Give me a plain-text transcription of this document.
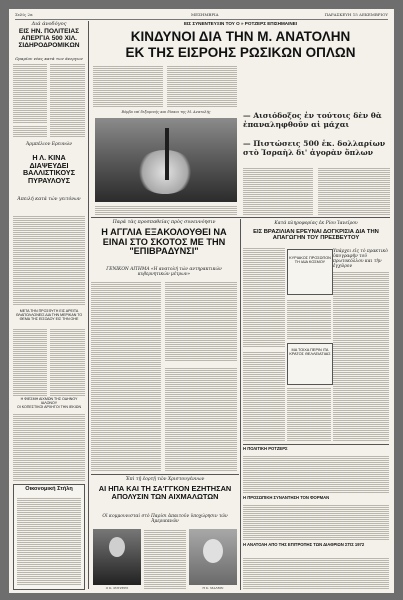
Σελίς 2α	ΜΕΣΗΜΒΡΙΑ	ΠΑΡΑΣΚΕΥΗ 15 ΔΕΚΕΜΒΡΙΟΥ
Διά άνοδόγος
ΕΙΣ ΗΝ. ΠΟΛΙΤΕΙΑΣ ΑΠΕΡΓΙΑ 500 ΧΙΛ. ΣΙΔΗΡΟΔΡΟΜΙΚΩΝ
Ωραρίου νέας κατά των άνεργων
Άρμπέλιον Ερευνών
Η Λ. ΚΙΝΑ ΔΙΑΨΕΥΔΕΙ ΒΑΛΛΙΣΤΙΚΟΥΣ ΠΥΡΑΥΛΟΥΣ
Άπειλή κατά τών γειτόνων
ΜΕΤΑ ΤΗΝ ΠΡΟΣΦΥΓΗ ΕΙΣ ΑΡΕΙΤΑ ΘΛΑΠΟΛΛΟΝΕΙΣ ΔΙΑ ΤΗΝ ΜΕΡΙΚΑΝ ΤΟ ΘΕΜΑ ΤΗΣ ΕΙΣΟΔΟΥ ΕΙΣ ΤΗΝ ΟΗΕ
Η ΦΙΕΣΜΗ ΑΙΧΜΩΝ ΤΗΣ ΟΔΗΝΟΥ ΙΑΛΟΝΟΥ
ΟΙ ΚΟΠΕΣΤΙΚΟΙ ΑΡΧΗΓΟΙ ΤΗΝ ΙΕΚΙΩΝ
Οικονομική Στήλη
ΕΙΣ ΣΥΝΕΝΤΕΥΞΙΝ ΤΟΥ Ο » ΡΟΤΖΕΡΣ ΕΠΙΣΗΜΑΙΝΕΙ
ΚΙΝΔΥΝΟΙ ΔΙΑ ΤΗΝ Μ. ΑΝΑΤΟΛΗΝ
ΕΚ ΤΗΣ ΕΙΣΡΟΗΣ ΡΩΣΙΚΩΝ ΟΠΛΩΝ
Βόμβα επί δεξαμενής και δίσκοι της Μ. Ανατολής	— Αισιόδοξος ἐν τούτοις δὲν θὰ ἐπαναληφθοῦν αἱ μάχαι
— Πιστώσεις 500 ἑκ. δολλαρίων στὸ Ἰσραὴλ δι' ἀγορὰν ὅπλων
Παρά τὰς προσπαθείας πρὸς συνεννόησιν
Η ΑΓΓΛΙΑ ΕΞΑΚΟΛΟΥΘΕΙ ΝΑ ΕΙΝΑΙ ΣΤΟ ΣΚΟΤΟΣ ΜΕ ΤΗΝ "ΕΠΙΒΡΑΔΥΝΣΙ"
ΓΕΝΙΚΟΝ ΑΙΤΗΜΑ «Η ανατολή τών αντηρακτικών κυβερνητικών μέτρων»
Κατά πληροφορίας ἐκ Ρίου Ἰανεῖρου
ΕΙΣ ΒΡΑΖΙΛΙΑΝ ΕΡΕΥΝΑΙ ΔΟΓΚΡΙΣΙΑ ΔΙΑ ΤΗΝ ΑΠΑΓΩΓΗΝ ΤΟΥ ΠΡΕΣΒΕΥΤΟΥ
ΚΥΡΙΑΚΟΣ ΠΡΟΣΩΠΟΝ ΤΗ ΙΔΙΑ ΚΟΣΜΟΥ
Υπάρχει εἰς τὸ πρακτικὸ ὑπογραφὴν τοῦ πρωτοκόλλου και τὴν ἐγχῶρον
ΜΑ ΤΟΙΧΑ ΠΕΡΙΝ ΙΤΑ ΚΡΑΤΟΣ ΘΕΛΛΕΙΑΤΙΑΙΣ
Η ΠΟΛΙΤΙΚΗ ΡΟΤΖΕΡΣ
Η ΠΡΟΣΩΠΙΚΗ ΣΥΝΑΝΤΗΣΗ ΤΟΝ ΦΟΡΜΑΝ
Η ΑΝΑΤΟΛΗ ΑΠΟ ΤΗΣ ΕΠΙΤΡΟΠΗΣ ΤΩΝ ΔΙΑΘΡΙΩΝ ΣΤΙΣ 1972
Ἐπὶ τῇ ἑορτῇ τῶν Χριστουγέννων
ΑΙ ΗΠΑ ΚΑΙ ΤΗ ΣΑ'ΓΓΚΟΝ ΕΖΗΤΗΣΑΝ ΑΠΟΛΥΣΙΝ ΤΩΝ ΑΙΧΜΑΛΩΤΩΝ
Οἱ κομμουνισταὶ στὸ Παρίσι ἀπαιτοῦν ὑποχώρησιν τῶν Ἀμερικανῶν
Ο Κ. ΡΟΤΖΕΡΣ	Η Κ. ΜΑΛΒΙΝ
